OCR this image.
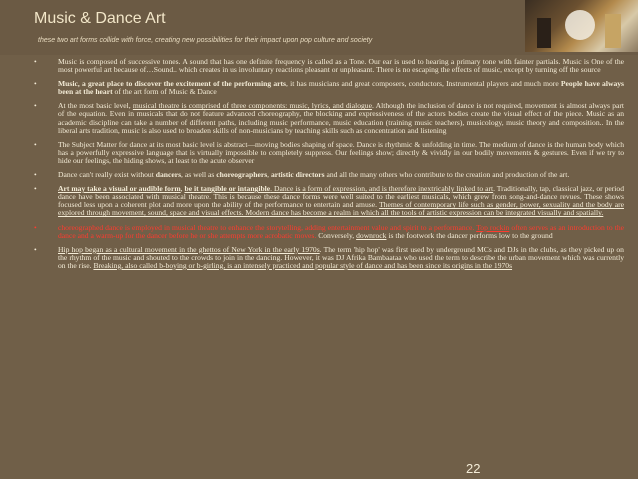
Music & Dance Art
these two art forms collide with force, creating new possibilities for their impact upon pop culture and society
•	Music is composed of successive tones. A sound that has one definite frequency is called as a Tone. Our ear is used to hearing a primary tone with fainter partials. Music is One of the most powerful art because of…Sound.. which creates in us involuntary reactions pleasant or unpleasant. There is no escaping the effects of music, except by turning off the source
•	Music, a great place to discover the excitement of the performing arts, it has musicians and great composers, conductors, Instrumental players and much more People have always been at the heart of the art form of Music & Dance
•	At the most basic level, musical theatre is comprised of three components: music, lyrics, and dialogue. Although the inclusion of dance is not required, movement is almost always part of the equation. Even in musicals that do not feature advanced choreography, the blocking and expressiveness of the actors bodies create the visual effect of the piece. Music as an academic discipline can take a number of different paths, including music performance, music education (training music teachers), musicology, music theory and composition.. In the liberal arts tradition, music is also used to broaden skills of non-musicians by teaching skills such as concentration and listening
•	The Subject Matter for dance at its most basic level is abstract—moving bodies shaping of space. Dance is rhythmic & unfolding in time. The medium of dance is the human body which has a powerfully expressive language that is virtually impossible to completely suppress. Our feelings show; directly & vividly in our bodily movements & gestures. Even if we try to hide our feelings, the hiding shows, at least to the acute observer
•	Dance can't really exist without dancers, as well as choreographers, artistic directors and all the many others who contribute to the creation and production of the art.
•	Art may take a visual or audible form, be it tangible or intangible. Dance is a form of expression, and is therefore inextricably linked to art. Traditionally, tap, classical jazz, or period dance have been associated with musical theatre. This is because these dance forms were well suited to the earliest musicals, which grew from song-and-dance revues. These shows focused less upon a coherent plot and more upon the ability of the performance to entertain and amuse. Themes of contemporary life such as gender, power, sexuality and the body are explored through movement, sound, space and visual effects. Modern dance has become a realm in which all the tools of artistic expression can be integrated visually and spatially.
•	choreographed dance is employed in musical theatre to enhance the storytelling, adding entertainment value and spirit to a performance. Top rockin often serves as an introduction to the dance and a warm-up for the dancer before he or she attempts more acrobatic moves. Conversely, downrock is the footwork the dancer performs low to the ground
•	Hip hop began as a cultural movement in the ghettos of New York in the early 1970s. The term 'hip hop' was first used by underground MCs and DJs in the clubs, as they picked up on the rhythm of the music and shouted to the crowds to join in the dancing. However, it was DJ Afrika Bambaataa who used the term to describe the urban movement which was currently on the rise. Breaking, also called b-boying or b-girling, is an intensely practiced and popular style of dance and has been since its origins in the 1970s
22
